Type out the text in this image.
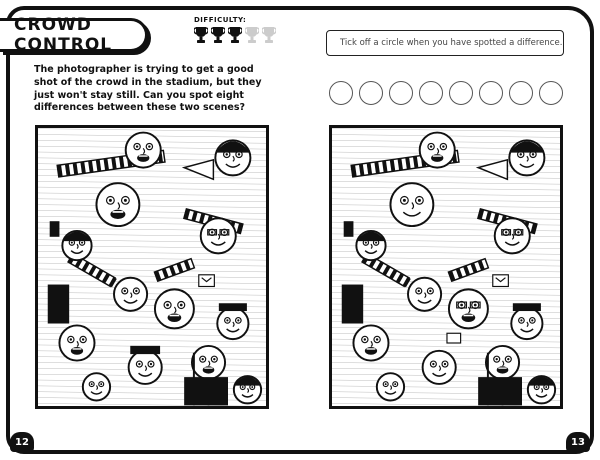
CROWD CONTROL
DIFFICULTY:
The photographer is trying to get a good shot of the crowd in the stadium, but they just won't stay still. Can you spot eight differences between these two scenes?
Tick off a circle when you have spotted a difference.
12	13
